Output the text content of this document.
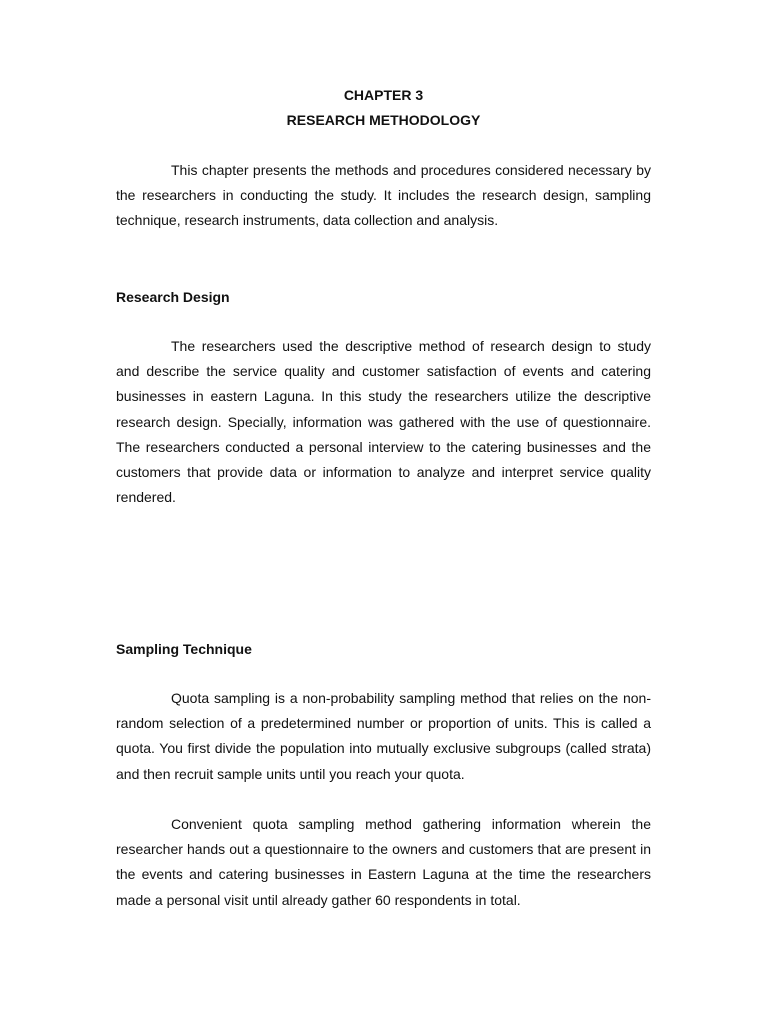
CHAPTER 3

RESEARCH METHODOLOGY

This chapter presents the methods and procedures considered necessary by the researchers in conducting the study. It includes the research design, sampling technique, research instruments, data collection and analysis.

Research Design

The researchers used the descriptive method of research design to study and describe the service quality and customer satisfaction of events and catering businesses in eastern Laguna. In this study the researchers utilize the descriptive research design. Specially, information was gathered with the use of questionnaire. The researchers conducted a personal interview to the catering businesses and the customers that provide data or information to analyze and interpret service quality rendered.

Sampling Technique

Quota sampling is a non-probability sampling method that relies on the non-random selection of a predetermined number or proportion of units. This is called a quota. You first divide the population into mutually exclusive subgroups (called strata) and then recruit sample units until you reach your quota.

Convenient quota sampling method gathering information wherein the researcher hands out a questionnaire to the owners and customers that are present in the events and catering businesses in Eastern Laguna at the time the researchers made a personal visit until already gather 60 respondents in total.
